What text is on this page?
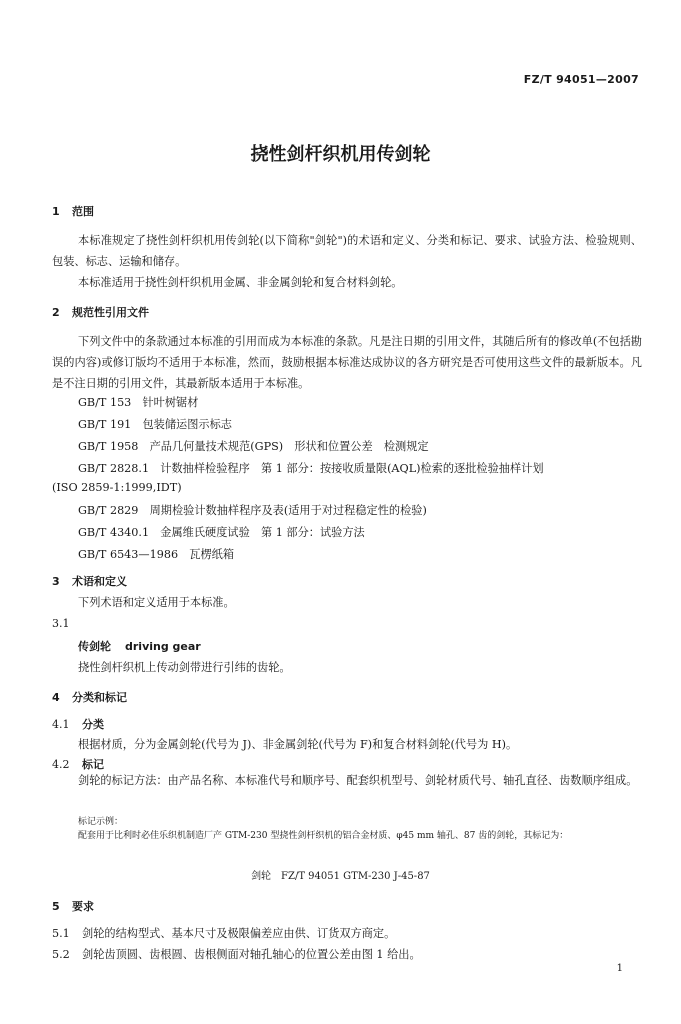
FZ/T 94051—2007
挠性剑杆织机用传剑轮
1 范围
本标准规定了挠性剑杆织机用传剑轮(以下简称"剑轮")的术语和定义、分类和标记、要求、试验方法、检验规则、包装、标志、运输和储存。
本标准适用于挠性剑杆织机用金属、非金属剑轮和复合材料剑轮。
2 规范性引用文件
下列文件中的条款通过本标准的引用而成为本标准的条款。凡是注日期的引用文件，其随后所有的修改单(不包括勘误的内容)或修订版均不适用于本标准，然而，鼓励根据本标准达成协议的各方研究是否可使用这些文件的最新版本。凡是不注日期的引用文件，其最新版本适用于本标准。
GB/T 153　针叶树锯材
GB/T 191　包装储运图示标志
GB/T 1958　产品几何量技术规范(GPS)　形状和位置公差　检测规定
GB/T 2828.1　计数抽样检验程序　第 1 部分：按接收质量限(AQL)检索的逐批检验抽样计划
(ISO 2859-1:1999,IDT)
GB/T 2829　周期检验计数抽样程序及表(适用于对过程稳定性的检验)
GB/T 4340.1　金属维氏硬度试验　第 1 部分：试验方法
GB/T 6543—1986　瓦楞纸箱
3 术语和定义
下列术语和定义适用于本标准。
3.1
传剑轮 driving gear
挠性剑杆织机上传动剑带进行引纬的齿轮。
4 分类和标记
4.1 分类
根据材质，分为金属剑轮(代号为 J)、非金属剑轮(代号为 F)和复合材料剑轮(代号为 H)。
4.2 标记
剑轮的标记方法：由产品名称、本标准代号和顺序号、配套织机型号、剑轮材质代号、轴孔直径、齿数顺序组成。
标记示例：
配套用于比利时必佳乐织机制造厂产 GTM-230 型挠性剑杆织机的铝合金材质、φ45 mm 轴孔、87 齿的剑轮，其标记为：
剑轮　FZ/T 94051 GTM-230 J-45-87
5 要求
5.1 剑轮的结构型式、基本尺寸及极限偏差应由供、订货双方商定。
5.2 剑轮齿顶圆、齿根圆、齿根侧面对轴孔轴心的位置公差由图 1 给出。
1
